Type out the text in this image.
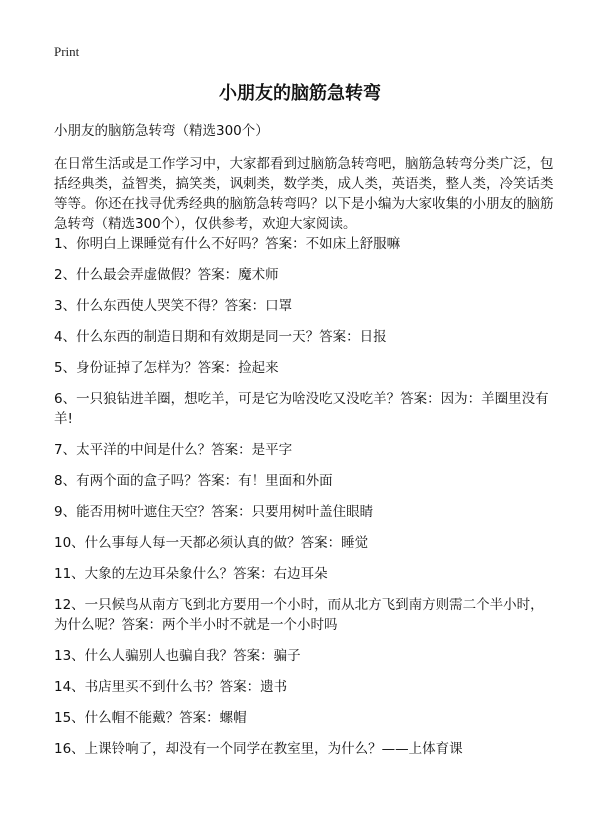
Print
小朋友的脑筋急转弯

小朋友的脑筋急转弯（精选300个）

在日常生活或是工作学习中，大家都看到过脑筋急转弯吧，脑筋急转弯分类广泛，包括经典类，益智类，搞笑类，讽刺类，数学类，成人类，英语类，整人类，冷笑话类等等。你还在找寻优秀经典的脑筋急转弯吗？以下是小编为大家收集的小朋友的脑筋急转弯（精选300个），仅供参考，欢迎大家阅读。

1、你明白上课睡觉有什么不好吗？答案：不如床上舒服嘛
2、什么最会弄虚做假？答案：魔术师
3、什么东西使人哭笑不得？答案：口罩
4、什么东西的制造日期和有效期是同一天？答案：日报
5、身份证掉了怎样为？答案：捡起来
6、一只狼钻进羊圈，想吃羊，可是它为啥没吃又没吃羊？答案：因为：羊圈里没有羊!
7、太平洋的中间是什么？答案：是平字
8、有两个面的盒子吗？答案：有！里面和外面
9、能否用树叶遮住天空？答案：只要用树叶盖住眼睛
10、什么事每人每一天都必须认真的做？答案：睡觉
11、大象的左边耳朵象什么？答案：右边耳朵
12、一只候鸟从南方飞到北方要用一个小时，而从北方飞到南方则需二个半小时，为什么呢？答案：两个半小时不就是一个小时吗
13、什么人骗别人也骗自我？答案：骗子
14、书店里买不到什么书？答案：遗书
15、什么帽不能戴？答案：螺帽
16、上课铃响了，却没有一个同学在教室里，为什么？——上体育课
